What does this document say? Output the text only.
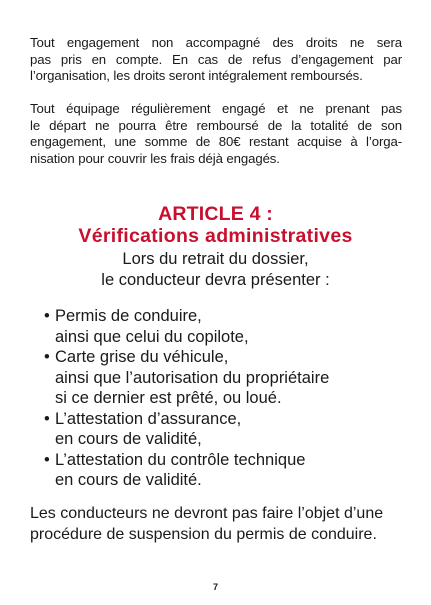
Tout engagement non accompagné des droits ne sera
pas pris en compte. En cas de refus d’engagement par
l’organisation, les droits seront intégralement remboursés.
Tout équipage régulièrement engagé et ne prenant pas
le départ ne pourra être remboursé de la totalité de son
engagement, une somme de 80€ restant acquise à l’orga-
nisation pour couvrir les frais déjà engagés.
ARTICLE 4 :
Vérifications administratives
Lors du retrait du dossier,
le conducteur devra présenter :
• Permis de conduire,
ainsi que celui du copilote,
• Carte grise du véhicule,
ainsi que l’autorisation du propriétaire
si ce dernier est prêté, ou loué.
• L’attestation d’assurance,
en cours de validité,
• L’attestation du contrôle technique
en cours de validité.
Les conducteurs ne devront pas faire l’objet d’une
procédure de suspension du permis de conduire.
7
